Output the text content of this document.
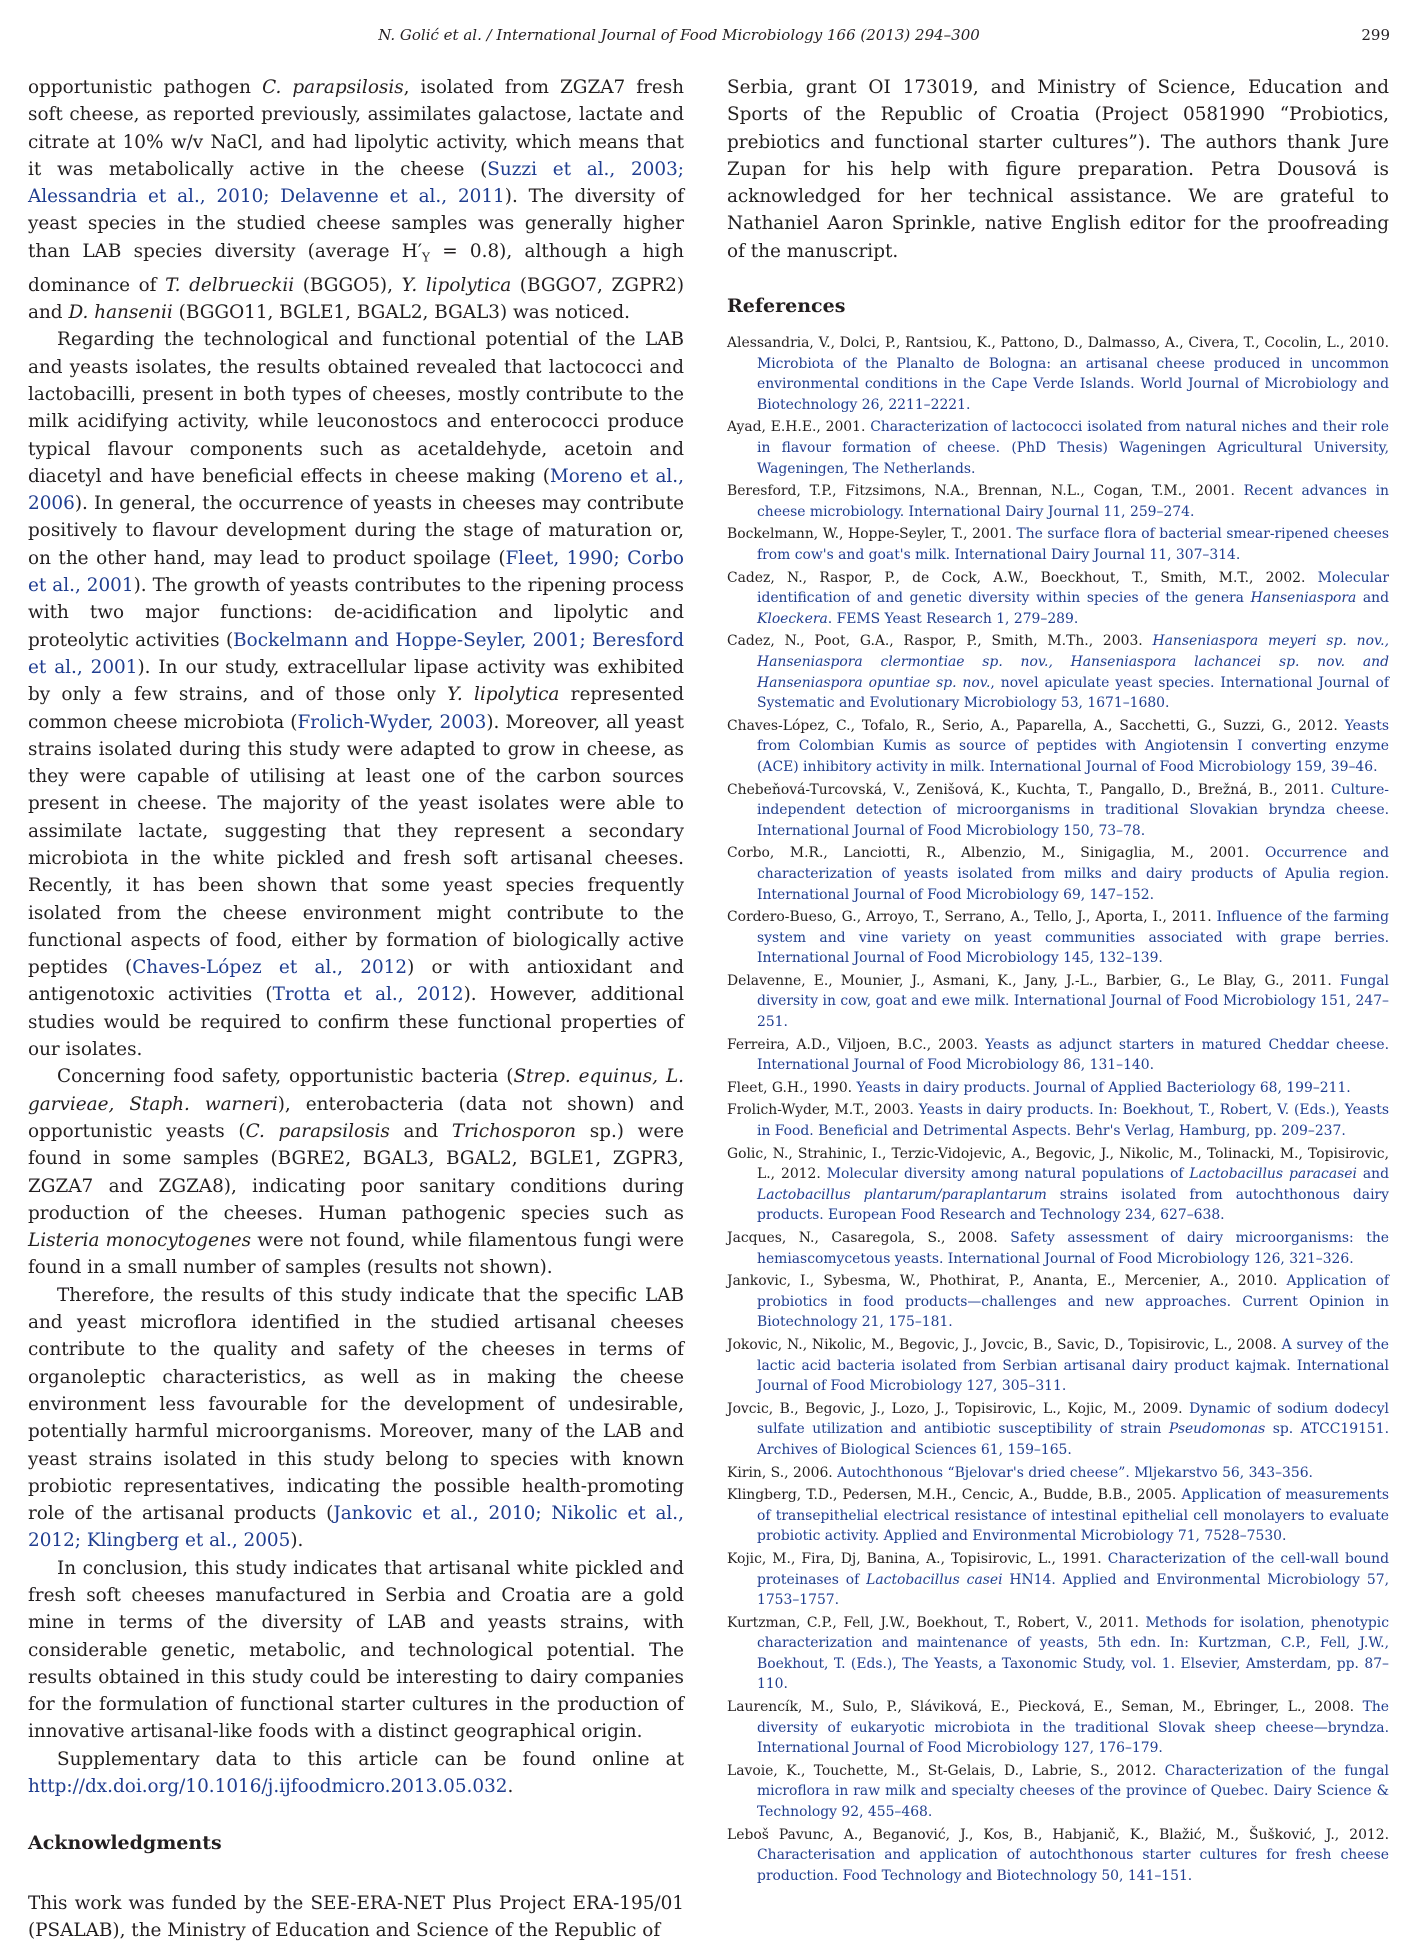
N. Golić et al. / International Journal of Food Microbiology 166 (2013) 294–300	299

opportunistic pathogen C. parapsilosis, isolated from ZGZA7 fresh soft cheese, as reported previously, assimilates galactose, lactate and citrate at 10% w/v NaCl, and had lipolytic activity, which means that it was metabolically active in the cheese (Suzzi et al., 2003; Alessandria et al., 2010; Delavenne et al., 2011). The diversity of yeast species in the studied cheese samples was generally higher than LAB species diversity (average $H'_Y = 0.8$), although a high dominance of T. delbrueckii (BGGO5), Y. lipolytica (BGGO7, ZGPR2) and D. hansenii (BGGO11, BGLE1, BGAL2, BGAL3) was noticed.

Regarding the technological and functional potential of the LAB and yeasts isolates, the results obtained revealed that lactococci and lactobacilli, present in both types of cheeses, mostly contribute to the milk acidifying activity, while leuconostocs and enterococci produce typical flavour components such as acetaldehyde, acetoin and diacetyl and have beneficial effects in cheese making (Moreno et al., 2006). In general, the occurrence of yeasts in cheeses may contribute positively to flavour development during the stage of maturation or, on the other hand, may lead to product spoilage (Fleet, 1990; Corbo et al., 2001). The growth of yeasts contributes to the ripening process with two major functions: de-acidification and lipolytic and proteolytic activities (Bockelmann and Hoppe-Seyler, 2001; Beresford et al., 2001). In our study, extracellular lipase activity was exhibited by only a few strains, and of those only Y. lipolytica represented common cheese microbiota (Frolich-Wyder, 2003). Moreover, all yeast strains isolated during this study were adapted to grow in cheese, as they were capable of utilising at least one of the carbon sources present in cheese. The majority of the yeast isolates were able to assimilate lactate, suggesting that they represent a secondary microbiota in the white pickled and fresh soft artisanal cheeses. Recently, it has been shown that some yeast species frequently isolated from the cheese environment might contribute to the functional aspects of food, either by formation of biologically active peptides (Chaves-López et al., 2012) or with antioxidant and antigenotoxic activities (Trotta et al., 2012). However, additional studies would be required to confirm these functional properties of our isolates.

Concerning food safety, opportunistic bacteria (Strep. equinus, L. garvieae, Staph. warneri), enterobacteria (data not shown) and opportunistic yeasts (C. parapsilosis and Trichosporon sp.) were found in some samples (BGRE2, BGAL3, BGAL2, BGLE1, ZGPR3, ZGZA7 and ZGZA8), indicating poor sanitary conditions during production of the cheeses. Human pathogenic species such as Listeria monocytogenes were not found, while filamentous fungi were found in a small number of samples (results not shown).

Therefore, the results of this study indicate that the specific LAB and yeast microflora identified in the studied artisanal cheeses contribute to the quality and safety of the cheeses in terms of organoleptic characteristics, as well as in making the cheese environment less favourable for the development of undesirable, potentially harmful microorganisms. Moreover, many of the LAB and yeast strains isolated in this study belong to species with known probiotic representatives, indicating the possible health-promoting role of the artisanal products (Jankovic et al., 2010; Nikolic et al., 2012; Klingberg et al., 2005).

In conclusion, this study indicates that artisanal white pickled and fresh soft cheeses manufactured in Serbia and Croatia are a gold mine in terms of the diversity of LAB and yeasts strains, with considerable genetic, metabolic, and technological potential. The results obtained in this study could be interesting to dairy companies for the formulation of functional starter cultures in the production of innovative artisanal-like foods with a distinct geographical origin.

Supplementary data to this article can be found online at http://dx.doi.org/10.1016/j.ijfoodmicro.2013.05.032.

Acknowledgments

This work was funded by the SEE-ERA-NET Plus Project ERA-195/01 (PSALAB), the Ministry of Education and Science of the Republic of

Serbia, grant OI 173019, and Ministry of Science, Education and Sports of the Republic of Croatia (Project 0581990 “Probiotics, prebiotics and functional starter cultures”). The authors thank Jure Zupan for his help with figure preparation. Petra Dousová is acknowledged for her technical assistance. We are grateful to Nathaniel Aaron Sprinkle, native English editor for the proofreading of the manuscript.

References
Alessandria, V., Dolci, P., Rantsiou, K., Pattono, D., Dalmasso, A., Civera, T., Cocolin, L., 2010. Microbiota of the Planalto de Bologna: an artisanal cheese produced in uncommon environmental conditions in the Cape Verde Islands. World Journal of Microbiology and Biotechnology 26, 2211–2221.
Ayad, E.H.E., 2001. Characterization of lactococci isolated from natural niches and their role in flavour formation of cheese. (PhD Thesis) Wageningen Agricultural University, Wageningen, The Netherlands.
Beresford, T.P., Fitzsimons, N.A., Brennan, N.L., Cogan, T.M., 2001. Recent advances in cheese microbiology. International Dairy Journal 11, 259–274.
Bockelmann, W., Hoppe-Seyler, T., 2001. The surface flora of bacterial smear-ripened cheeses from cow's and goat's milk. International Dairy Journal 11, 307–314.
Cadez, N., Raspor, P., de Cock, A.W., Boeckhout, T., Smith, M.T., 2002. Molecular identification of and genetic diversity within species of the genera Hanseniaspora and Kloeckera. FEMS Yeast Research 1, 279–289.
Cadez, N., Poot, G.A., Raspor, P., Smith, M.Th., 2003. Hanseniaspora meyeri sp. nov., Hanseniaspora clermontiae sp. nov., Hanseniaspora lachancei sp. nov. and Hanseniaspora opuntiae sp. nov., novel apiculate yeast species. International Journal of Systematic and Evolutionary Microbiology 53, 1671–1680.
Chaves-López, C., Tofalo, R., Serio, A., Paparella, A., Sacchetti, G., Suzzi, G., 2012. Yeasts from Colombian Kumis as source of peptides with Angiotensin I converting enzyme (ACE) inhibitory activity in milk. International Journal of Food Microbiology 159, 39–46.
Chebeňová-Turcovská, V., Zenišová, K., Kuchta, T., Pangallo, D., Brežná, B., 2011. Culture-independent detection of microorganisms in traditional Slovakian bryndza cheese. International Journal of Food Microbiology 150, 73–78.
Corbo, M.R., Lanciotti, R., Albenzio, M., Sinigaglia, M., 2001. Occurrence and characterization of yeasts isolated from milks and dairy products of Apulia region. International Journal of Food Microbiology 69, 147–152.
Cordero-Bueso, G., Arroyo, T., Serrano, A., Tello, J., Aporta, I., 2011. Influence of the farming system and vine variety on yeast communities associated with grape berries. International Journal of Food Microbiology 145, 132–139.
Delavenne, E., Mounier, J., Asmani, K., Jany, J.-L., Barbier, G., Le Blay, G., 2011. Fungal diversity in cow, goat and ewe milk. International Journal of Food Microbiology 151, 247–251.
Ferreira, A.D., Viljoen, B.C., 2003. Yeasts as adjunct starters in matured Cheddar cheese. International Journal of Food Microbiology 86, 131–140.
Fleet, G.H., 1990. Yeasts in dairy products. Journal of Applied Bacteriology 68, 199–211.
Frolich-Wyder, M.T., 2003. Yeasts in dairy products. In: Boekhout, T., Robert, V. (Eds.), Yeasts in Food. Beneficial and Detrimental Aspects. Behr's Verlag, Hamburg, pp. 209–237.
Golic, N., Strahinic, I., Terzic-Vidojevic, A., Begovic, J., Nikolic, M., Tolinacki, M., Topisirovic, L., 2012. Molecular diversity among natural populations of Lactobacillus paracasei and Lactobacillus plantarum/paraplantarum strains isolated from autochthonous dairy products. European Food Research and Technology 234, 627–638.
Jacques, N., Casaregola, S., 2008. Safety assessment of dairy microorganisms: the hemiascomycetous yeasts. International Journal of Food Microbiology 126, 321–326.
Jankovic, I., Sybesma, W., Phothirat, P., Ananta, E., Mercenier, A., 2010. Application of probiotics in food products—challenges and new approaches. Current Opinion in Biotechnology 21, 175–181.
Jokovic, N., Nikolic, M., Begovic, J., Jovcic, B., Savic, D., Topisirovic, L., 2008. A survey of the lactic acid bacteria isolated from Serbian artisanal dairy product kajmak. International Journal of Food Microbiology 127, 305–311.
Jovcic, B., Begovic, J., Lozo, J., Topisirovic, L., Kojic, M., 2009. Dynamic of sodium dodecyl sulfate utilization and antibiotic susceptibility of strain Pseudomonas sp. ATCC19151. Archives of Biological Sciences 61, 159–165.
Kirin, S., 2006. Autochthonous “Bjelovar's dried cheese”. Mljekarstvo 56, 343–356.
Klingberg, T.D., Pedersen, M.H., Cencic, A., Budde, B.B., 2005. Application of measurements of transepithelial electrical resistance of intestinal epithelial cell monolayers to evaluate probiotic activity. Applied and Environmental Microbiology 71, 7528–7530.
Kojic, M., Fira, Dj, Banina, A., Topisirovic, L., 1991. Characterization of the cell-wall bound proteinases of Lactobacillus casei HN14. Applied and Environmental Microbiology 57, 1753–1757.
Kurtzman, C.P., Fell, J.W., Boekhout, T., Robert, V., 2011. Methods for isolation, phenotypic characterization and maintenance of yeasts, 5th edn. In: Kurtzman, C.P., Fell, J.W., Boekhout, T. (Eds.), The Yeasts, a Taxonomic Study, vol. 1. Elsevier, Amsterdam, pp. 87–110.
Laurencík, M., Sulo, P., Sláviková, E., Piecková, E., Seman, M., Ebringer, L., 2008. The diversity of eukaryotic microbiota in the traditional Slovak sheep cheese—bryndza. International Journal of Food Microbiology 127, 176–179.
Lavoie, K., Touchette, M., St-Gelais, D., Labrie, S., 2012. Characterization of the fungal microflora in raw milk and specialty cheeses of the province of Quebec. Dairy Science & Technology 92, 455–468.
Leboš Pavunc, A., Beganović, J., Kos, B., Habjanič, K., Blažić, M., Šušković, J., 2012. Characterisation and application of autochthonous starter cultures for fresh cheese production. Food Technology and Biotechnology 50, 141–151.
